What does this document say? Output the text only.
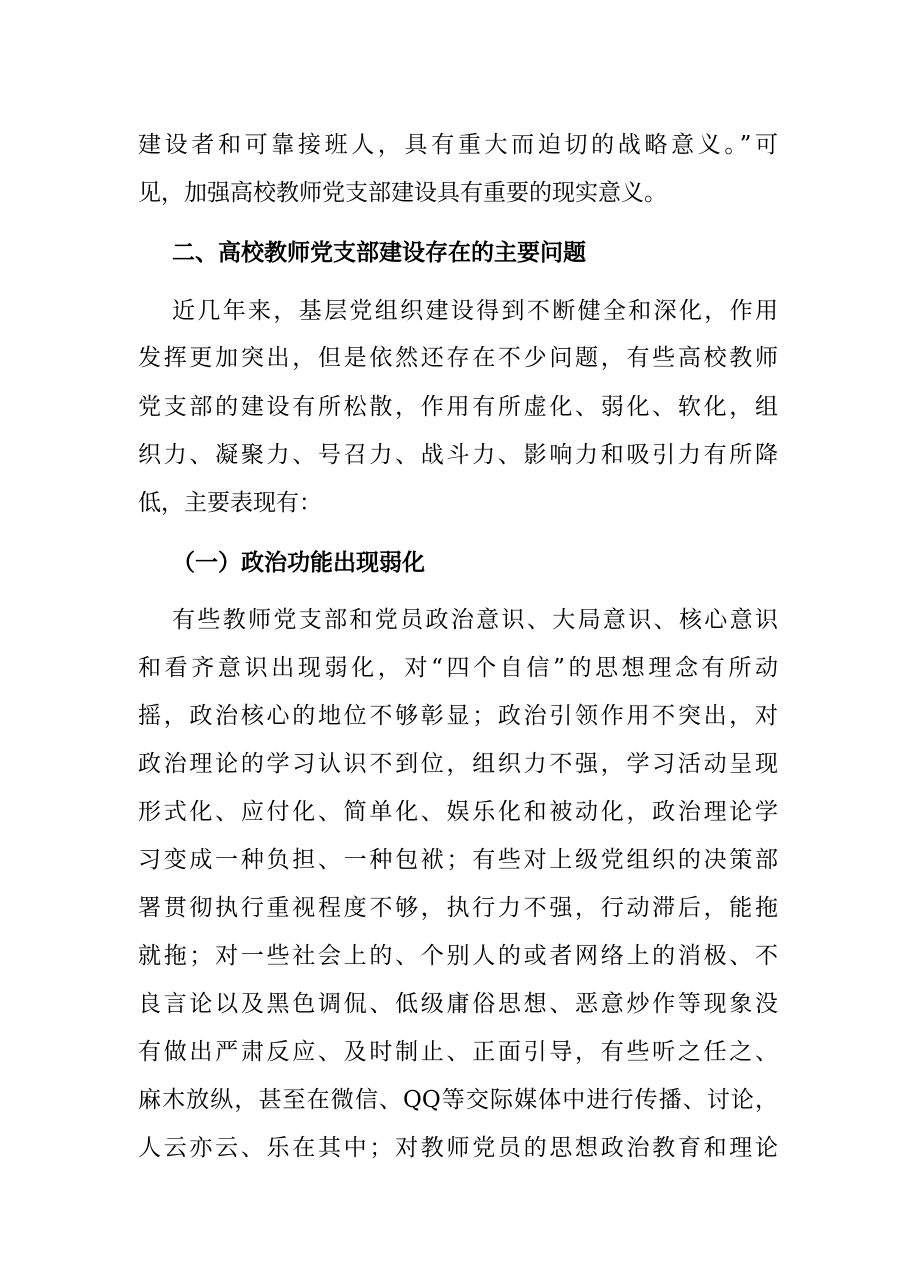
建设者和可靠接班人，具有重大而迫切的战略意义。”可
见，加强高校教师党支部建设具有重要的现实意义。
二、高校教师党支部建设存在的主要问题
近几年来，基层党组织建设得到不断健全和深化，作用
发挥更加突出，但是依然还存在不少问题，有些高校教师
党支部的建设有所松散，作用有所虚化、弱化、软化，组
织力、凝聚力、号召力、战斗力、影响力和吸引力有所降
低，主要表现有：
（一）政治功能出现弱化
有些教师党支部和党员政治意识、大局意识、核心意识
和看齐意识出现弱化，对“四个自信”的思想理念有所动
摇，政治核心的地位不够彰显；政治引领作用不突出，对
政治理论的学习认识不到位，组织力不强，学习活动呈现
形式化、应付化、简单化、娱乐化和被动化，政治理论学
习变成一种负担、一种包袱；有些对上级党组织的决策部
署贯彻执行重视程度不够，执行力不强，行动滞后，能拖
就拖；对一些社会上的、个别人的或者网络上的消极、不
良言论以及黑色调侃、低级庸俗思想、恶意炒作等现象没
有做出严肃反应、及时制止、正面引导，有些听之任之、
麻木放纵，甚至在微信、QQ等交际媒体中进行传播、讨论，
人云亦云、乐在其中；对教师党员的思想政治教育和理论
